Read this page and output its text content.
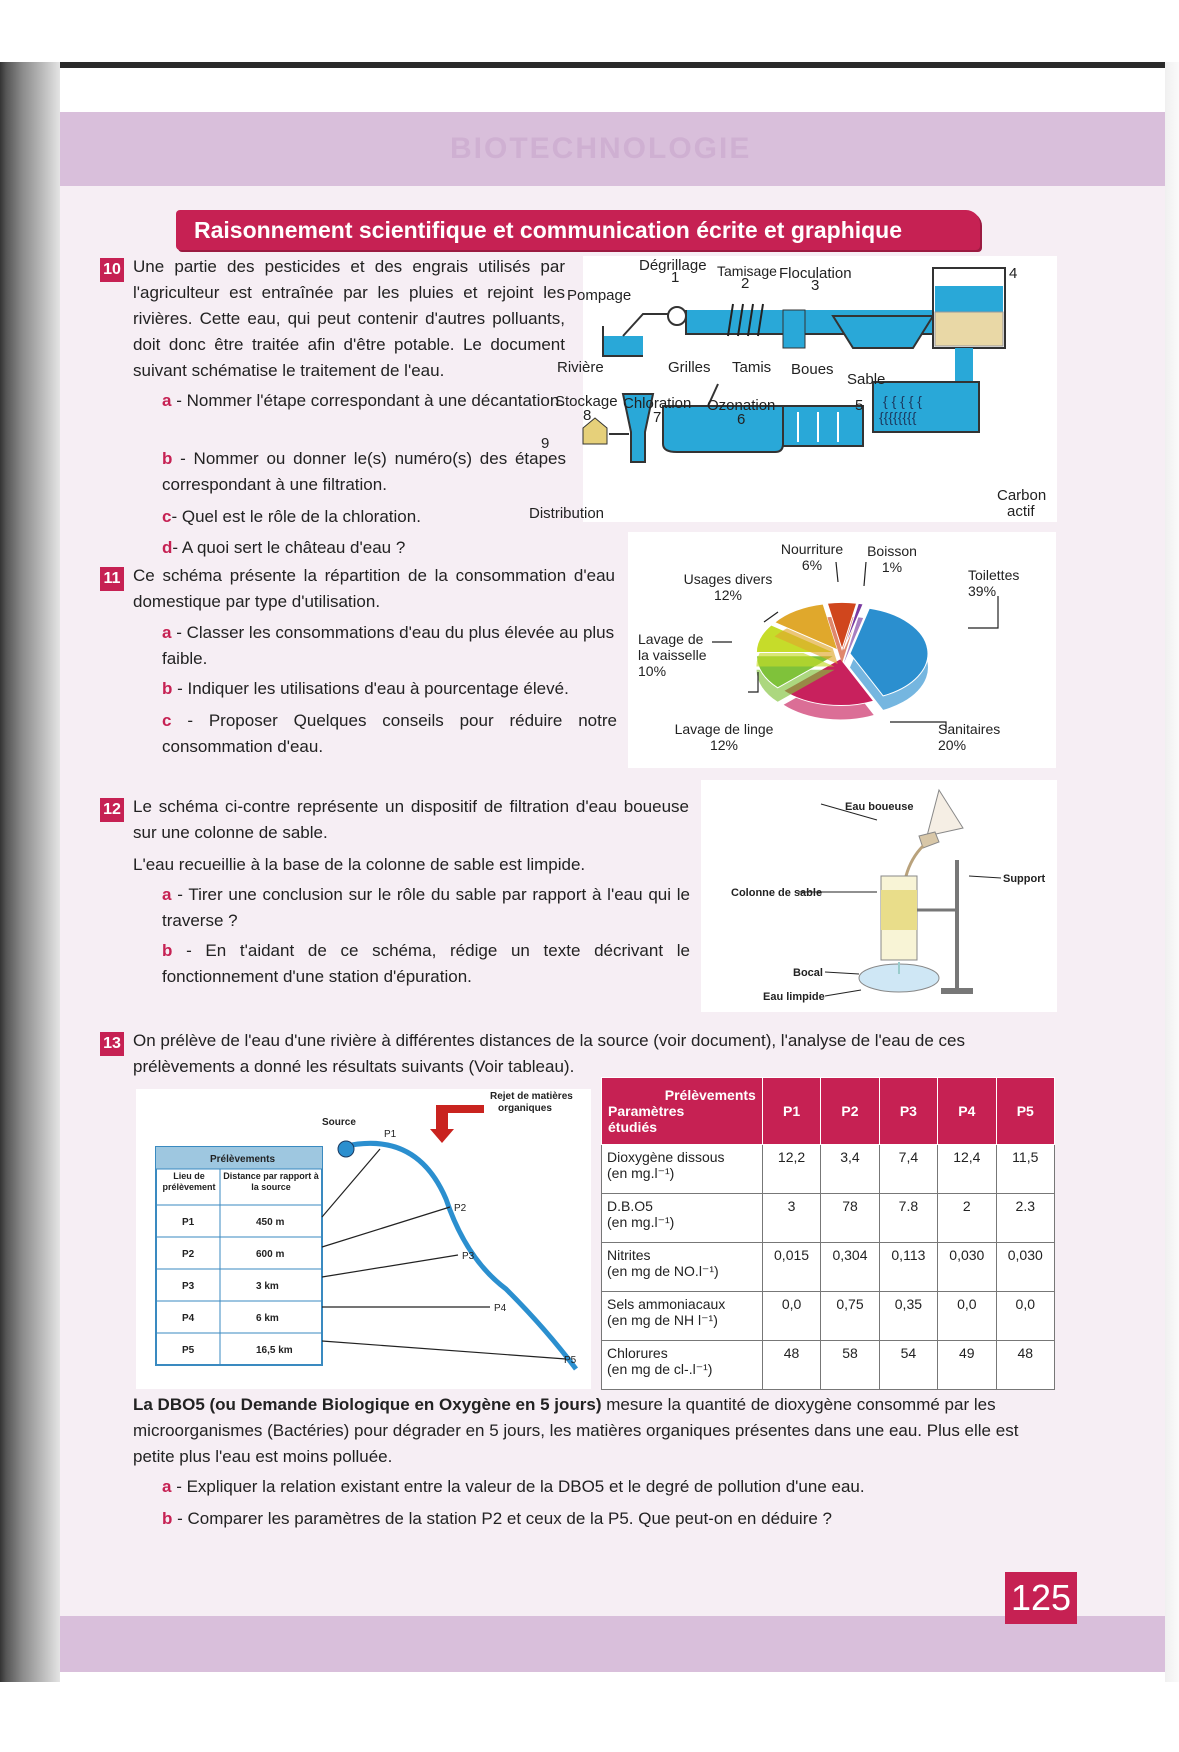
BIOTECHNOLOGIE
Raisonnement scientifique et communication écrite et graphique
10 Une partie des pesticides et des engrais utilisés par l'agriculteur est entraînée par les pluies et rejoint les rivières. Cette eau, qui peut contenir d'autres polluants, doit donc être traitée afin d'être potable. Le document suivant schématise le traitement de l'eau.
a - Nommer l'étape correspondant à une décantation.
b - Nommer ou donner le(s) numéro(s) des étapes correspondant à une filtration.
c- Quel est le rôle de la chloration.
d- A quoi sert le château d'eau ?
{ { { { {
{{{{{{{{
Dégrillage
1	Tamisage
2
Floculation
3
4
Pompage
Rivière	Grilles Tamis Boues
Sable
Stockage
8
Chloration
7
Ozonation
6
5
9
Distribution
Carbon
actif
11 Ce schéma présente la répartition de la consommation d'eau domestique par type d'utilisation.
a - Classer les consommations d'eau du plus élevée au plus faible.
b - Indiquer les utilisations d'eau à pourcentage élevé.
c - Proposer Quelques conseils pour réduire notre consommation d'eau.
Toilettes
39%
Sanitaires
20%
Lavage de linge
12%
Lavage de
la vaisselle
10%
Usages divers
12%
Nourriture
6%
Boisson
1%
12 Le schéma ci-contre représente un dispositif de filtration d'eau boueuse sur une colonne de sable.
L'eau recueillie à la base de la colonne de sable est limpide.
a - Tirer une conclusion sur le rôle du sable par rapport à l'eau qui le traverse ?
b - En t'aidant de ce schéma, rédige un texte décrivant le fonctionnement d'une station d'épuration.
Eau boueuse
Support
Colonne de sable
Bocal
Eau limpide
13 On prélève de l'eau d'une rivière à différentes distances de la source (voir document), l'analyse de l'eau de ces prélèvements a donné les résultats suivants (Voir tableau).
Source
Rejet de matières
organiques
P1
P2
P3
P4
P5
Prélèvements
Lieu de prélèvement
Distance par rapport à la source
P1	450 m
P2	600 m
P3	3 km
P4	6 km
P5	16,5 km
Prélèvements
Paramètres étudiés	P1	P2	P3	P4	P5

Dioxygène dissous
(en mg.l⁻¹)	12,2	3,4	7,4	12,4	11,5

D.B.O5
(en mg.l⁻¹)	3	78	7.8	2	2.3

Nitrites
(en mg de NO.l⁻¹)	0,015	0,304	0,113	0,030	0,030

Sels ammoniacaux
(en mg de NH l⁻¹)	0,0	0,75	0,35	0,0	0,0

Chlorures
(en mg de cl-.l⁻¹)	48	58	54	49	48
La DBO5 (ou Demande Biologique en Oxygène en 5 jours) mesure la quantité de dioxygène consommé par les microorganismes (Bactéries) pour dégrader en 5 jours, les matières organiques présentes dans une eau. Plus elle est petite plus l'eau est moins polluée.
a - Expliquer la relation existant entre la valeur de la DBO5 et le degré de pollution d'une eau.
b - Comparer les paramètres de la station P2 et ceux de la P5. Que peut-on en déduire ?
125
